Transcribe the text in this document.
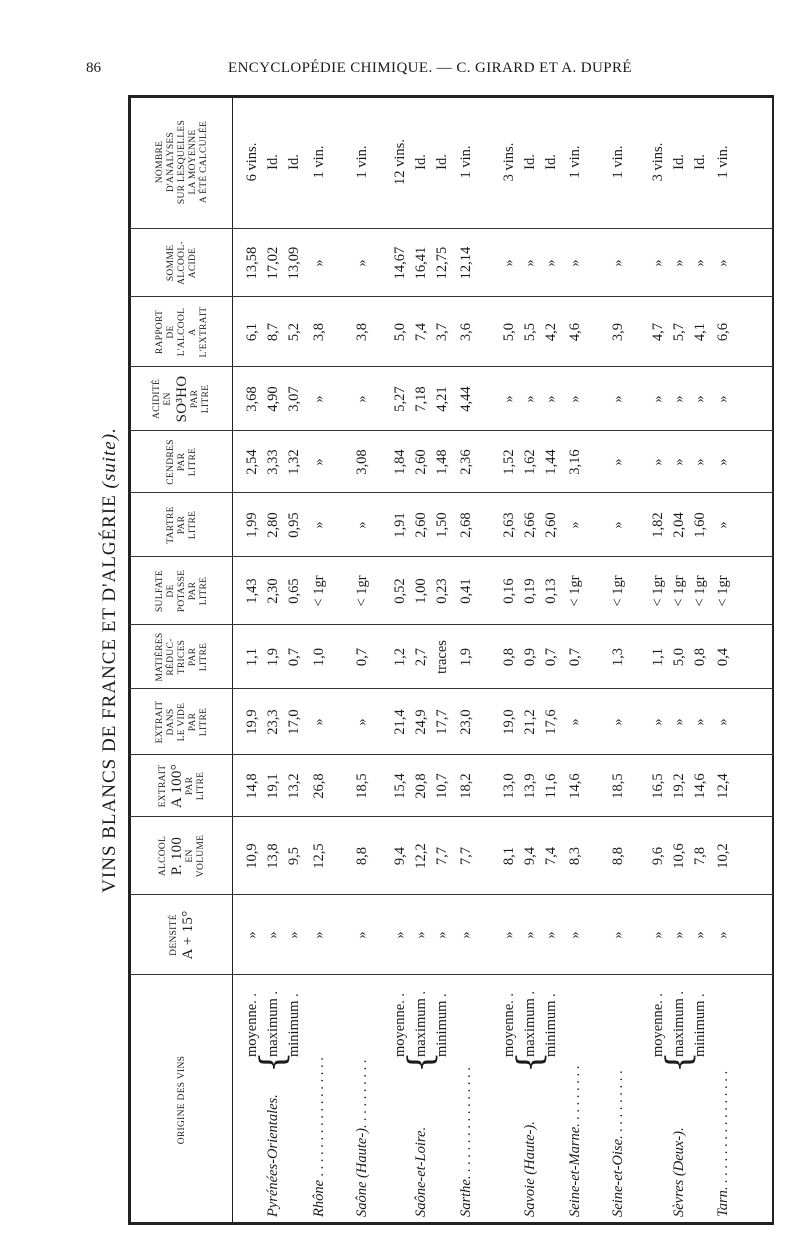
86	ENCYCLOPÉDIE CHIMIQUE. — C. GIRARD ET A. DUPRÉ
VINS BLANCS DE FRANCE ET D'ALGÉRIE (suite).
ORIGINE DES VINS
DENSITÉ A + 15°
ALCOOL P. 100 EN VOLUME
EXTRAIT A 100° PAR LITRE
EXTRAIT DANS LE VIDE PAR LITRE
MATIÈRES RÉDUC- TRICES PAR LITRE
SULFATE DE POTASSE PAR LITRE
TARTRE PAR LITRE
CENDRES PAR LITRE
ACIDITÉ EN SO³HO PAR LITRE
RAPPORT DE L'ALCOOL A L'EXTRAIT
SOMME ALCOOL- ACIDE
NOMBRE D'ANALYSES SUR LESQUELLES LA MOYENNE A ÉTÉ CALCULÉE
Pyrénées-Orientales.
{
moyenne. . maximum . minimum .
»
10,9
14,8
19,9
1,1
1,43
1,99
2,54
3,68
6,1
13,58
6 vins.
»
13,8
19,1
23,3
1,9
2,30
2,80
3,33
4,90
8,7
17,02
Id.
»
9,5
13,2
17,0
0,7
0,65
0,95
1,32
3,07
5,2
13,09
Id.
Rhône . . . . . . . . . . . . . . . . .
»
12,5
26,8
»
1,0
< 1gr
»
»
»
3,8
»
1 vin.
Saône (Haute-). . . . . . . . . .
»
8,8
18,5
»
0,7
< 1gr
»
3,08
»
3,8
»
1 vin.
Saône-et-Loire.
{
moyenne. . maximum . minimum .
»
9,4
15,4
21,4
1,2
0,52
1,91
1,84
5,27
5,0
14,67
12 vins.
»
12,2
20,8
24,9
2,7
1,00
2,60
2,60
7,18
7,4
16,41
Id.
»
7,7
10,7
17,7
traces
0,23
1,50
1,48
4,21
3,7
12,75
Id.
Sarthe. . . . . . . . . . . . . . . .
»
7,7
18,2
23,0
1,9
0,41
2,68
2,36
4,44
3,6
12,14
1 vin.
Savoie (Haute-).
{
moyenne. . maximum . minimum .
»
8,1
13,0
19,0
0,8
0,16
2,63
1,52
»
5,0
»
3 vins.
»
9,4
13,9
21,2
0,9
0,19
2,66
1,62
»
5,5
»
Id.
»
7,4
11,6
17,6
0,7
0,13
2,60
1,44
»
4,2
»
Id.
Seine-et-Marne. . . . . . . . .
»
8,3
14,6
»
0,7
< 1gr
»
3,16
»
4,6
»
1 vin.
Seine-et-Oise. . . . . . . . . .
»
8,8
18,5
»
1,3
< 1gr
»
»
»
3,9
»
1 vin.
Sèvres (Deux-).
{
moyenne. . maximum . minimum .
»
9,6
16,5
»
1,1
< 1gr
1,82
»
»
4,7
»
3 vins.
»
10,6
19,2
»
5,0
< 1gr
2,04
»
»
5,7
»
Id.
»
7,8
14,6
»
0,8
< 1gr
1,60
»
»
4,1
»
Id.
Tarn. . . . . . . . . . . . . . . . .
»
10,2
12,4
»
0,4
< 1gr
»
»
»
6,6
»
1 vin.
